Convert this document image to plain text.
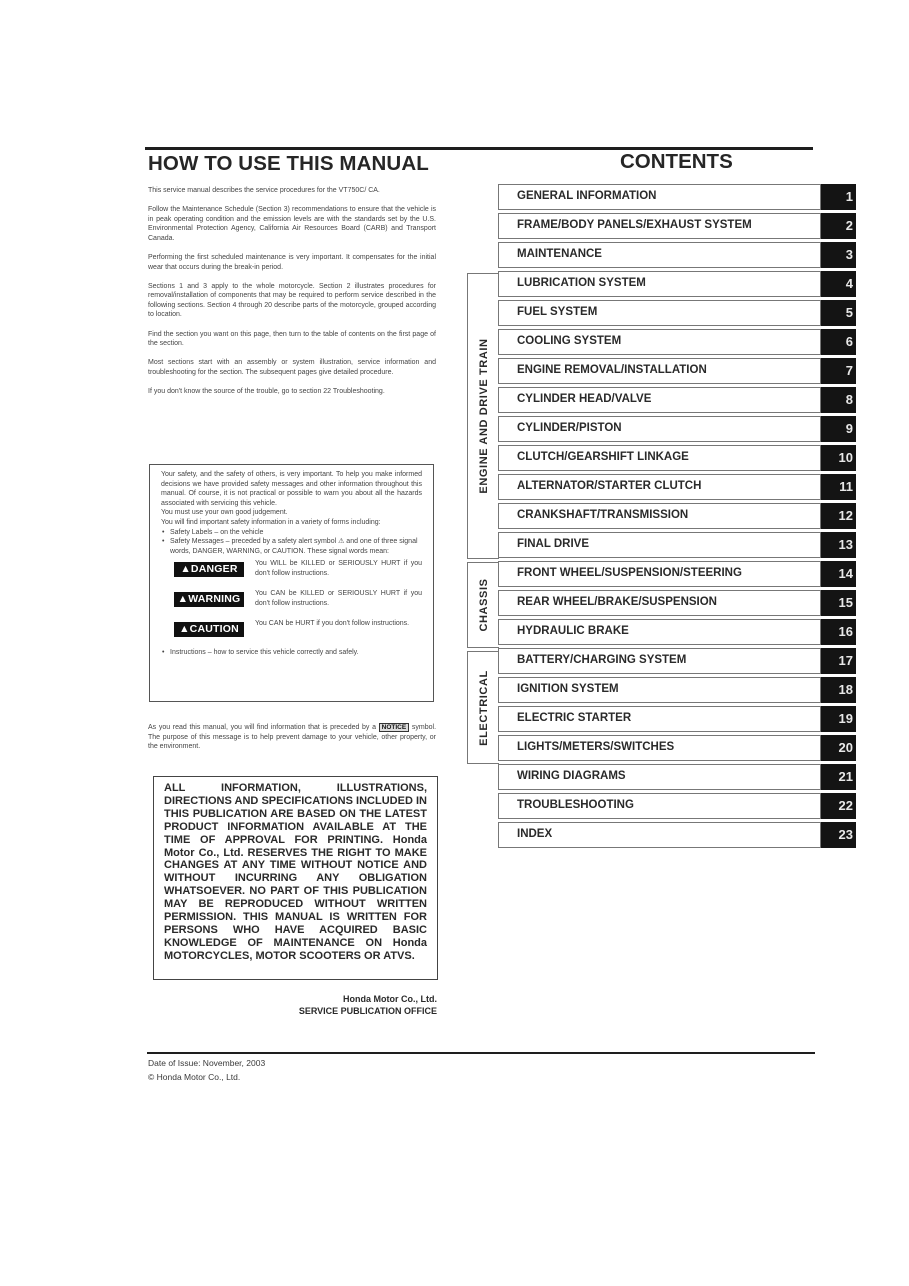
HOW TO USE THIS MANUAL

This service manual describes the service procedures for the VT750C/ CA.

Follow the Maintenance Schedule (Section 3) recommendations to ensure that the vehicle is in peak operating condition and the emission levels are with the standards set by the U.S. Environmental Protection Agency, California Air Resources Board (CARB) and Transport Canada.

Performing the first scheduled maintenance is very important. It compensates for the initial wear that occurs during the break-in period.

Sections 1 and 3 apply to the whole motorcycle. Section 2 illustrates procedures for removal/installation of components that may be required to perform service described in the following sections. Section 4 through 20 describe parts of the motorcycle, grouped according to location.

Find the section you want on this page, then turn to the table of contents on the first page of the section.

Most sections start with an assembly or system illustration, service information and troubleshooting for the section. The subsequent pages give detailed procedure.

If you don't know the source of the trouble, go to section 22 Troubleshooting.

Your safety, and the safety of others, is very important. To help you make informed decisions we have provided safety messages and other information throughout this manual. Of course, it is not practical or possible to warn you about all the hazards associated with servicing this vehicle.

You must use your own good judgement.

You will find important safety information in a variety of forms including:

• Safety Labels – on the vehicle
• Safety Messages – preceded by a safety alert symbol ⚠ and one of three signal words, DANGER, WARNING, or CAUTION. These signal words mean:
▲DANGER	You WILL be KILLED or SERIOUSLY HURT if you don't follow instructions.
▲WARNING	You CAN be KILLED or SERIOUSLY HURT if you don't follow instructions.
▲CAUTION	You CAN be HURT if you don't follow instructions.
• Instructions – how to service this vehicle correctly and safely.
As you read this manual, you will find information that is preceded by a NOTICE symbol. The purpose of this message is to help prevent damage to your vehicle, other property, or the environment.
ALL INFORMATION, ILLUSTRATIONS, DIRECTIONS AND SPECIFICATIONS INCLUDED IN THIS PUBLICATION ARE BASED ON THE LATEST PRODUCT INFORMATION AVAILABLE AT THE TIME OF APPROVAL FOR PRINTING. Honda Motor Co., Ltd. RESERVES THE RIGHT TO MAKE CHANGES AT ANY TIME WITHOUT NOTICE AND WITHOUT INCURRING ANY OBLIGATION WHATSOEVER. NO PART OF THIS PUBLICATION MAY BE REPRODUCED WITHOUT WRITTEN PERMISSION. THIS MANUAL IS WRITTEN FOR PERSONS WHO HAVE ACQUIRED BASIC KNOWLEDGE OF MAINTENANCE ON Honda MOTORCYCLES, MOTOR SCOOTERS OR ATVS.
Honda Motor Co., Ltd.
SERVICE PUBLICATION OFFICE
Date of Issue: November, 2003
© Honda Motor Co., Ltd.
CONTENTS
ENGINE AND DRIVE TRAIN
CHASSIS
ELECTRICAL
GENERAL INFORMATION	1
FRAME/BODY PANELS/EXHAUST SYSTEM	2
MAINTENANCE	3
LUBRICATION SYSTEM	4
FUEL SYSTEM	5
COOLING SYSTEM	6
ENGINE REMOVAL/INSTALLATION	7
CYLINDER HEAD/VALVE	8
CYLINDER/PISTON	9
CLUTCH/GEARSHIFT LINKAGE	10
ALTERNATOR/STARTER CLUTCH	11
CRANKSHAFT/TRANSMISSION	12
FINAL DRIVE	13
FRONT WHEEL/SUSPENSION/STEERING	14
REAR WHEEL/BRAKE/SUSPENSION	15
HYDRAULIC BRAKE	16
BATTERY/CHARGING SYSTEM	17
IGNITION SYSTEM	18
ELECTRIC STARTER	19
LIGHTS/METERS/SWITCHES	20
WIRING DIAGRAMS	21
TROUBLESHOOTING	22
INDEX	23
